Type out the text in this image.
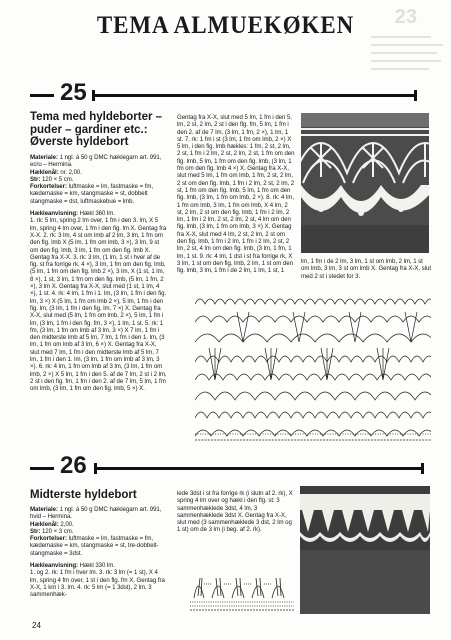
TEMA ALMUEKØKEN	23
25
Tema med hyldeborter – puder – gardiner etc.: Øverste hyldebort

Materiale: 1 ngl. à 50 g DMC hæklegarn art. 991, ecru – Hermina.

Hæklenål: nr. 2,00.

Str: 120 × 5 cm.

Forkortelser: luftmaske = lm, fastmaske = fm, kædemaske = km, stangmaske = st, dobbelt stangmaske = dst, luftmaskebue = lmb.

Hækleanvisning: Hækl 360 lm.

1. rk: 5 lm, spring 2 lm over, 1 fm i den 3. lm, X 5 lm, spring 4 lm over, 1 fm i den fig. lm X. Gentag fra X-X. 2. rk: 3 lm, 4 st om lmb af 2 lm, 3 lm, 1 fm om den flg. lmb X (5 lm, 1 fm om lmb, 3 ×), 3 lm, 9 st om den fig. lmb, 3 lm, 1 fm om den fig. lmb X. Gentag fra X-X. 3. rk: 3 lm, (1 lm, 1 st i hver af de fig. st fra forrige rk. 4 ×), 3 lm, 1 fm om den fig. lmb, (5 lm, 1 fm om den fig. lmb 2 ×), 3 lm, X (1 st, 1 lm, 8 ×), 1 st, 3 lm, 1 fm om den fig. lmb, (5 lm, 1 fm, 2 ×), 3 lm X. Gentag fra X-X, slut med (1 st, 1 lm, 4 ×), 1 st. 4. rk: 4 lm, 1 fm i 1. lm, (3 lm, 1 fm i den fig. lm, 3 ×) X (5 lm, 1 fm om lmb 2 ×), 5 lm, 1 fm i den fig. lm, (3 lm, 1 fm i den fig. lm, 7 ×) X. Gentag fra X-X, slut med (5 lm, 1 fm om lmb, 2 ×), 5 lm, 1 fm i lm, (3 lm, 1 fm i den fig. fm, 3 ×), 1 lm, 1 st. 5. rk: 1 fm, (3 lm, 1 fm om lmb af 3 lm, 3 ×) X 7 lm, 1 fm i den midterste lmb af 5 lm, 7 lm, 1 fm i den 1. lm, (3 lm, 1 fm om lmb af 3 lm, 6 ×) X. Gentag fra X-X, slut med 7 lm, 1 fm i den midterste lmb af 5 lm, 7 lm, 1 fm i den 1. lm, (3 lm, 1 fm om lmb af 3 lm, 3 ×). 6. rk: 4 lm, 1 fm om lmb af 3 lm, (3 lm, 1 fm om lmb, 2 ×) X 5 lm, 1 fm i den 5. af de 7 lm, 2 st i 2 lm, 2 st i den fig. fm, 1 fm i den 2. af de 7 lm, 5 lm, 1 fm om lmb, (3 lm, 1 fm om den fig. lmb, 5 ×) X.

Gentag fra X-X, slut med 5 lm, 1 fm i den 5. lm, 2 st, 2 lm, 2 st i den flg. fm, 5 lm, 1 fm i den 2. af de 7 lm, (3 lm, 1 fm, 2 ×), 1 lm, 1 st. 7. rk: 1 fm i st (3 lm, 1 fm om lmb, 2 ×) X 5 lm, i den fig. lmb hækles: 1 fm, 2 st, 2 lm, 2 st, 1 fm i 2 lm, 2 st, 2 lm, 2 st, 1 fm om den flg. lmb, 5 lm, 1 fm om den fig. lmb, (3 lm, 1 fm om den fig. lmb 4 ×) X. Gentag fra X-X, slut med 5 lm, 1 fm om lmb, 1 fm, 2 st, 2 lm, 2 st om den fig. lmb, 1 fm i 2 lm, 2 st, 2 lm, 2 st, 1 fm om den fig. lmb, 5 lm, 1 fm om den fig. lmb, (3 lm, 1 fm om lmb, 2 ×). 8. rk: 4 lm, 1 fm om lmb, 3 lm, 1 fm om lmb, X 4 lm, 2 st, 2 lm, 2 st om den fig. lmb, 1 fm i 2 lm, 2 lm, 1 fm i 2 lm, 2 st, 2 lm, 2 st, 4 lm om den fig. lmb, (3 lm, 1 fm om lmb, 3 ×) X. Gentag fra X-X, slut med 4 lm, 2 st, 2 lm, 2 st om den fig. lmb, 1 fm i 2 lm, 1 fm i 2 lm, 2 st, 2 lm, 2 st, 4 lm om den fig. lmb, (3 lm, 1 fm, 1 lm, 1 st. 9. rk: 4 lm, 1 dst i st fra forrige rk, X 3 lm, 1 st om den fig. lmb, 2 lm, 1 st om den fig. lmb, 3 lm, 1 fm i de 2 lm, 1 lm, 1 st, 1

lm, 1 fm i de 2 lm, 3 lm, 1 st om lmb, 2 lm, 1 st om lmb, 3 lm, 3 st om lmb X. Gentag fra X-X, slut med 2 st i stedet for 3.

26
Midterste hyldebort

Materiale: 1 ngl. à 50 g DMC hæklegarn art. 991, hvid – Hermina.

Hæklenål: 2,00.

Str: 120 × 3 cm.

Forkortelser: luftmaske = lm, fastmaske = fm, kædemaske = km, stangmaske = st, tre-dobbelt-stangmaske = 3dst.

Hækleanvisning: Hækl 330 lm.

1. og 2. rk: 1 fm i hver lm. 3. rk: 3 lm (= 1 st), X 4 lm, spring 4 fm over, 1 st i den flg. fm X. Gentag fra X-X, 1 km i 3. lm. 4. rk: 5 lm (= 1 3dst), 2 lm, 3 sammenhæk-

lede 3dst i st fra forrige rk (i slutn af 2. rk), X spring 4 lm over og hækl i den flg. st: 3 sammenhæklede 3dst, 4 lm, 3 sammenhæklede 3dst X. Gentag fra X-X, slut med (3 sammenhæklede 3 dst, 2 lm og 1 st) om de 3 lm (i beg. af 2. rk).

24
